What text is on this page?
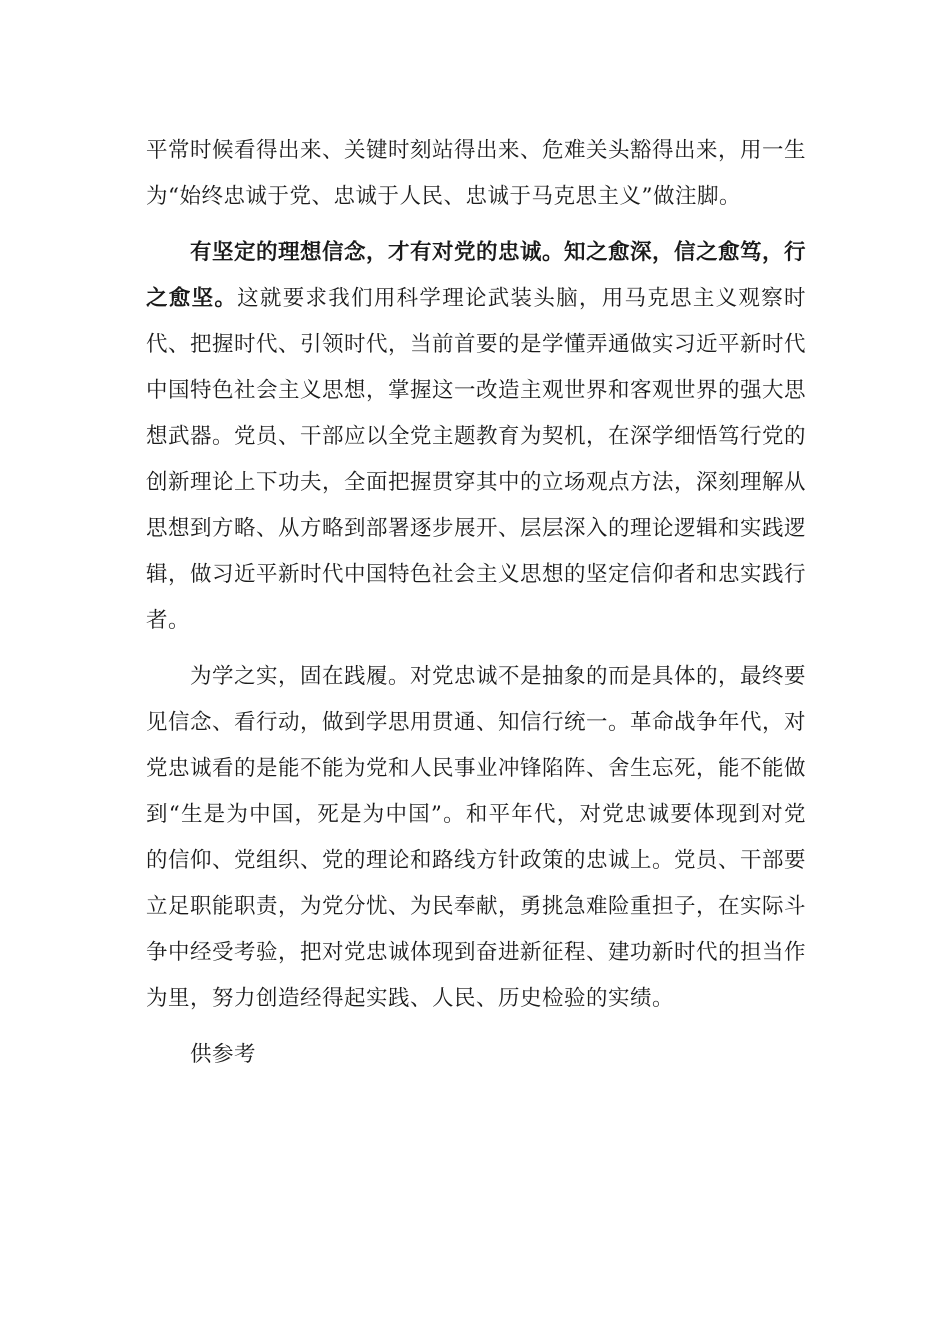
平常时候看得出来、关键时刻站得出来、危难关头豁得出来，用一生为“始终忠诚于党、忠诚于人民、忠诚于马克思主义”做注脚。

有坚定的理想信念，才有对党的忠诚。知之愈深，信之愈笃，行之愈坚。这就要求我们用科学理论武装头脑，用马克思主义观察时代、把握时代、引领时代，当前首要的是学懂弄通做实习近平新时代中国特色社会主义思想，掌握这一改造主观世界和客观世界的强大思想武器。党员、干部应以全党主题教育为契机，在深学细悟笃行党的创新理论上下功夫，全面把握贯穿其中的立场观点方法，深刻理解从思想到方略、从方略到部署逐步展开、层层深入的理论逻辑和实践逻辑，做习近平新时代中国特色社会主义思想的坚定信仰者和忠实践行者。

为学之实，固在践履。对党忠诚不是抽象的而是具体的，最终要见信念、看行动，做到学思用贯通、知信行统一。革命战争年代，对党忠诚看的是能不能为党和人民事业冲锋陷阵、舍生忘死，能不能做到“生是为中国，死是为中国”。和平年代，对党忠诚要体现到对党的信仰、党组织、党的理论和路线方针政策的忠诚上。党员、干部要立足职能职责，为党分忧、为民奉献，勇挑急难险重担子，在实际斗争中经受考验，把对党忠诚体现到奋进新征程、建功新时代的担当作为里，努力创造经得起实践、人民、历史检验的实绩。

供参考
